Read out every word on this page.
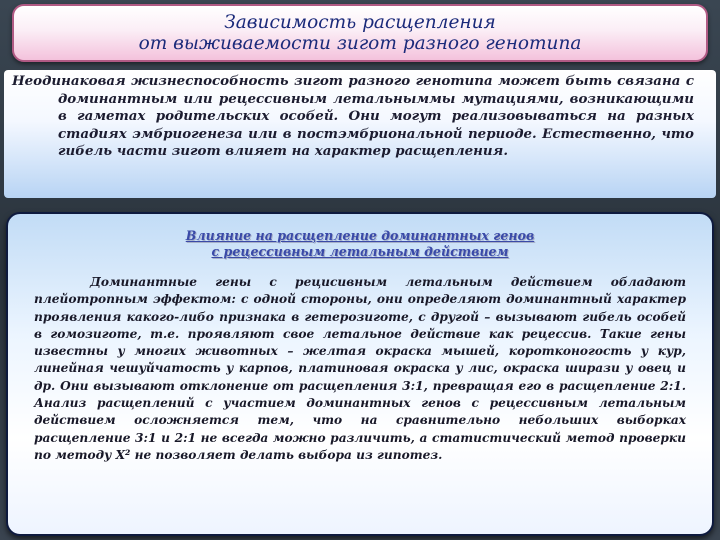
Зависимость расщепления
от выживаемости зигот разного генотипа

Неодинаковая жизнеспособность зигот разного генотипа может быть связана с доминантным или рецессивным летальныммы мутациями, возникающими в гаметах родительских особей. Они могут реализовываться на разных стадиях эмбриогенеза или в постэмбриональной периоде. Естественно, что гибель части зигот влияет на характер расщепления.

Влияние на расщепление доминантных генов
с рецессивным летальным действием

Доминантные гены с рецисивным летальным действием обладают плейотропным эффектом: с одной стороны, они определяют доминантный характер проявления какого-либо признака в гетерозиготе, с другой – вызывают гибель особей в гомозиготе, т.е. проявляют свое летальное действие как рецессив. Такие гены известны у многих животных – желтая окраска мышей, коротконогость у кур, линейная чешуйчатость у карпов, платиновая окраска у лис, окраска ширази у овец и др. Они вызывают отклонение от расщепления 3:1, превращая его в расщепление 2:1. Анализ расщеплений с участием доминантных генов с рецессивным летальным действием осложняется тем, что на сравнительно небольших выборках расщепление 3:1 и 2:1 не всегда можно различить, а статистический метод проверки по методу Х² не позволяет делать выбора из гипотез.
